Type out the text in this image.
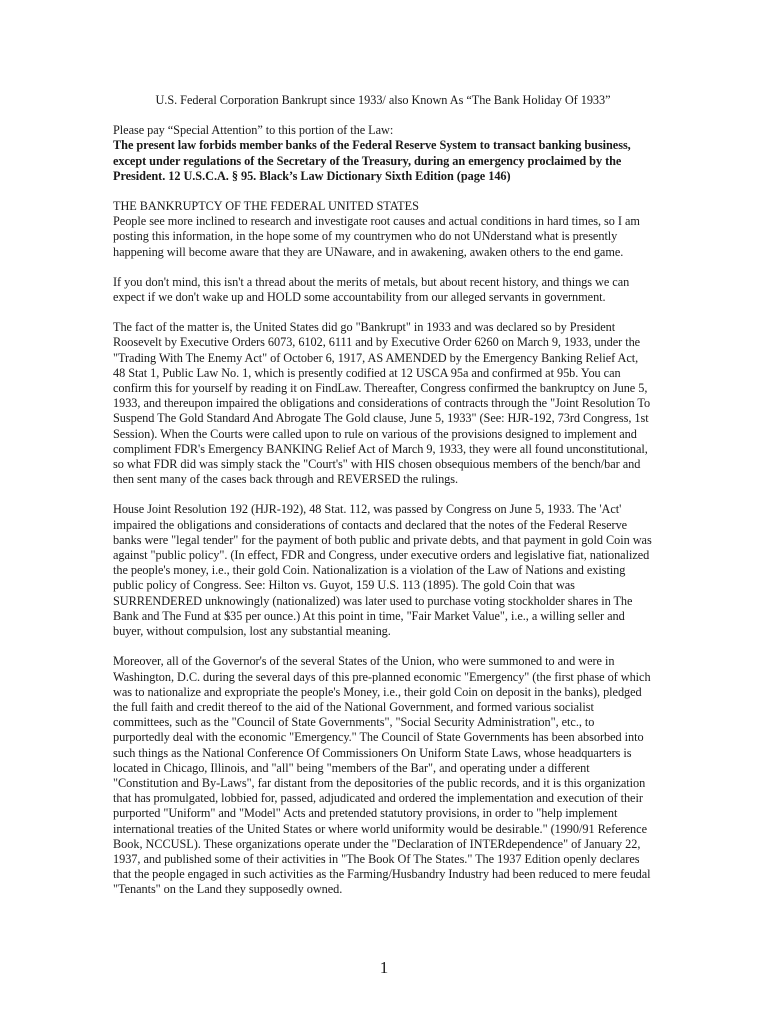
U.S. Federal Corporation Bankrupt since 1933/ also Known As “The Bank Holiday Of 1933”
Please pay “Special Attention” to this portion of the Law:
The present law forbids member banks of the Federal Reserve System to transact banking business, except under regulations of the Secretary of the Treasury, during an emergency proclaimed by the President. 12 U.S.C.A. § 95. Black’s Law Dictionary Sixth Edition (page 146)
THE BANKRUPTCY OF THE FEDERAL UNITED STATES
People see more inclined to research and investigate root causes and actual conditions in hard times, so I am posting this information, in the hope some of my countrymen who do not UNderstand what is presently happening will become aware that they are UNaware, and in awakening, awaken others to the end game.
If you don't mind, this isn't a thread about the merits of metals, but about recent history, and things we can expect if we don't wake up and HOLD some accountability from our alleged servants in government.
The fact of the matter is, the United States did go "Bankrupt" in 1933 and was declared so by President Roosevelt by Executive Orders 6073, 6102, 6111 and by Executive Order 6260 on March 9, 1933, under the "Trading With The Enemy Act" of October 6, 1917, AS AMENDED by the Emergency Banking Relief Act, 48 Stat 1, Public Law No. 1, which is presently codified at 12 USCA 95a and confirmed at 95b. You can confirm this for yourself by reading it on FindLaw. Thereafter, Congress confirmed the bankruptcy on June 5, 1933, and thereupon impaired the obligations and considerations of contracts through the "Joint Resolution To Suspend The Gold Standard And Abrogate The Gold clause, June 5, 1933" (See: HJR-192, 73rd Congress, 1st Session). When the Courts were called upon to rule on various of the provisions designed to implement and compliment FDR's Emergency BANKING Relief Act of March 9, 1933, they were all found unconstitutional, so what FDR did was simply stack the "Court's" with HIS chosen obsequious members of the bench/bar and then sent many of the cases back through and REVERSED the rulings.
House Joint Resolution 192 (HJR-192), 48 Stat. 112, was passed by Congress on June 5, 1933. The 'Act' impaired the obligations and considerations of contacts and declared that the notes of the Federal Reserve banks were "legal tender" for the payment of both public and private debts, and that payment in gold Coin was against "public policy". (In effect, FDR and Congress, under executive orders and legislative fiat, nationalized the people's money, i.e., their gold Coin. Nationalization is a violation of the Law of Nations and existing public policy of Congress. See: Hilton vs. Guyot, 159 U.S. 113 (1895). The gold Coin that was SURRENDERED unknowingly (nationalized) was later used to purchase voting stockholder shares in The Bank and The Fund at $35 per ounce.) At this point in time, "Fair Market Value", i.e., a willing seller and buyer, without compulsion, lost any substantial meaning.
Moreover, all of the Governor's of the several States of the Union, who were summoned to and were in Washington, D.C. during the several days of this pre-planned economic "Emergency" (the first phase of which was to nationalize and expropriate the people's Money, i.e., their gold Coin on deposit in the banks), pledged the full faith and credit thereof to the aid of the National Government, and formed various socialist committees, such as the "Council of State Governments", "Social Security Administration", etc., to purportedly deal with the economic "Emergency." The Council of State Governments has been absorbed into such things as the National Conference Of Commissioners On Uniform State Laws, whose headquarters is located in Chicago, Illinois, and "all" being "members of the Bar", and operating under a different "Constitution and By-Laws", far distant from the depositories of the public records, and it is this organization that has promulgated, lobbied for, passed, adjudicated and ordered the implementation and execution of their purported "Uniform" and "Model" Acts and pretended statutory provisions, in order to "help implement international treaties of the United States or where world uniformity would be desirable." (1990/91 Reference Book, NCCUSL). These organizations operate under the "Declaration of INTERdependence" of January 22, 1937, and published some of their activities in "The Book Of The States." The 1937 Edition openly declares that the people engaged in such activities as the Farming/Husbandry Industry had been reduced to mere feudal "Tenants" on the Land they supposedly owned.
1
